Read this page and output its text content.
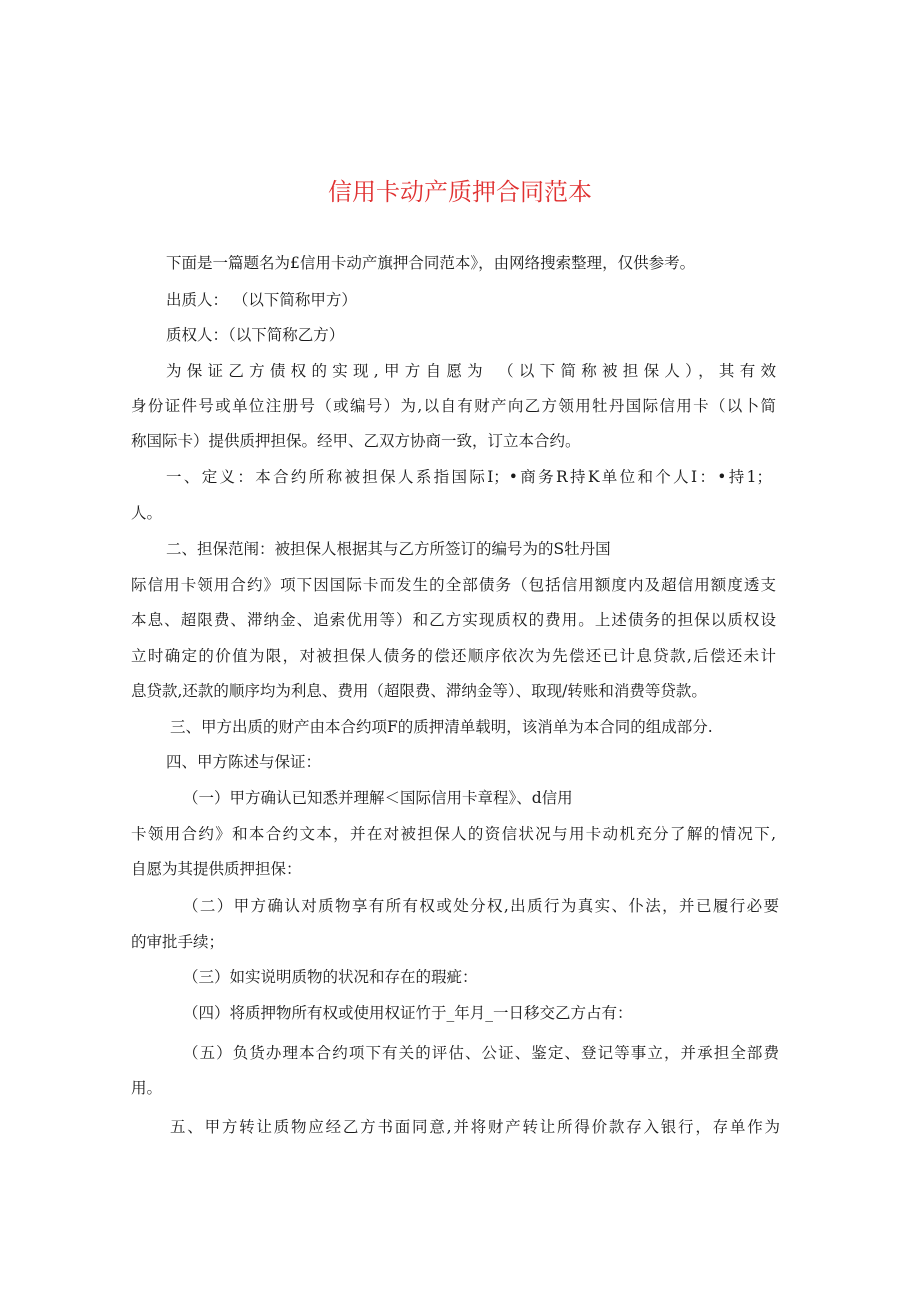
信用卡动产质押合同范本
下面是一篇题名为£信用卡动产旗押合同范本》，由网络搜索整理，仅供参考。
出质人： （以下简称甲方）
质权人：（以下简称乙方）
为保证乙方债权的实现,甲方自愿为 （以下简称被担保人），其有效
身份证件号或单位注册号（或编号）为,以自有财产向乙方领用牡丹国际信用卡（以卜简
称国际卡）提供质押担保。经甲、乙双方协商一致，订立本合约。
一、定义：本合约所称被担保人系指国际I；•商务R持K单位和个人I：•持1；
人。
二、担保范闱：被担保人根据其与乙方所签订的编号为的S牡丹国
际信用卡领用合约》项下因国际卡而发生的全部债务（包括信用额度内及超信用额度透支
本息、超限费、滞纳金、追索优用等）和乙方实现质权的费用。上述债务的担保以质权设
立时确定的价值为限，对被担保人债务的偿还顺序依次为先偿还已计息贷款,后偿还未计
息贷款,还款的顺序均为利息、费用（超限费、滞纳金等）、取现/转账和消费等贷款。
三、甲方出质的财产由本合约项F的质押清单载明，该消单为本合同的组成部分.
四、甲方陈述与保证：
（一）甲方确认已知悉并理解＜国际信用卡章程》、d信用
卡领用合约》和本合约文本，并在对被担保人的资信状况与用卡动机充分了解的情况下,
自愿为其提供质押担保：
（二）甲方确认对质物享有所有权或处分权,出质行为真实、仆法，并已履行必要
的审批手续；
（三）如实说明质物的状况和存在的瑕疵：
（四）将质押物所有权或使用权证竹于_年月_一日移交乙方占有：
（五）负货办理本合约项下有关的评估、公证、鉴定、登记等事立，并承担全部费
用。
五、甲方转让质物应经乙方书面同意,并将财产转让所得价款存入银行，存单作为
